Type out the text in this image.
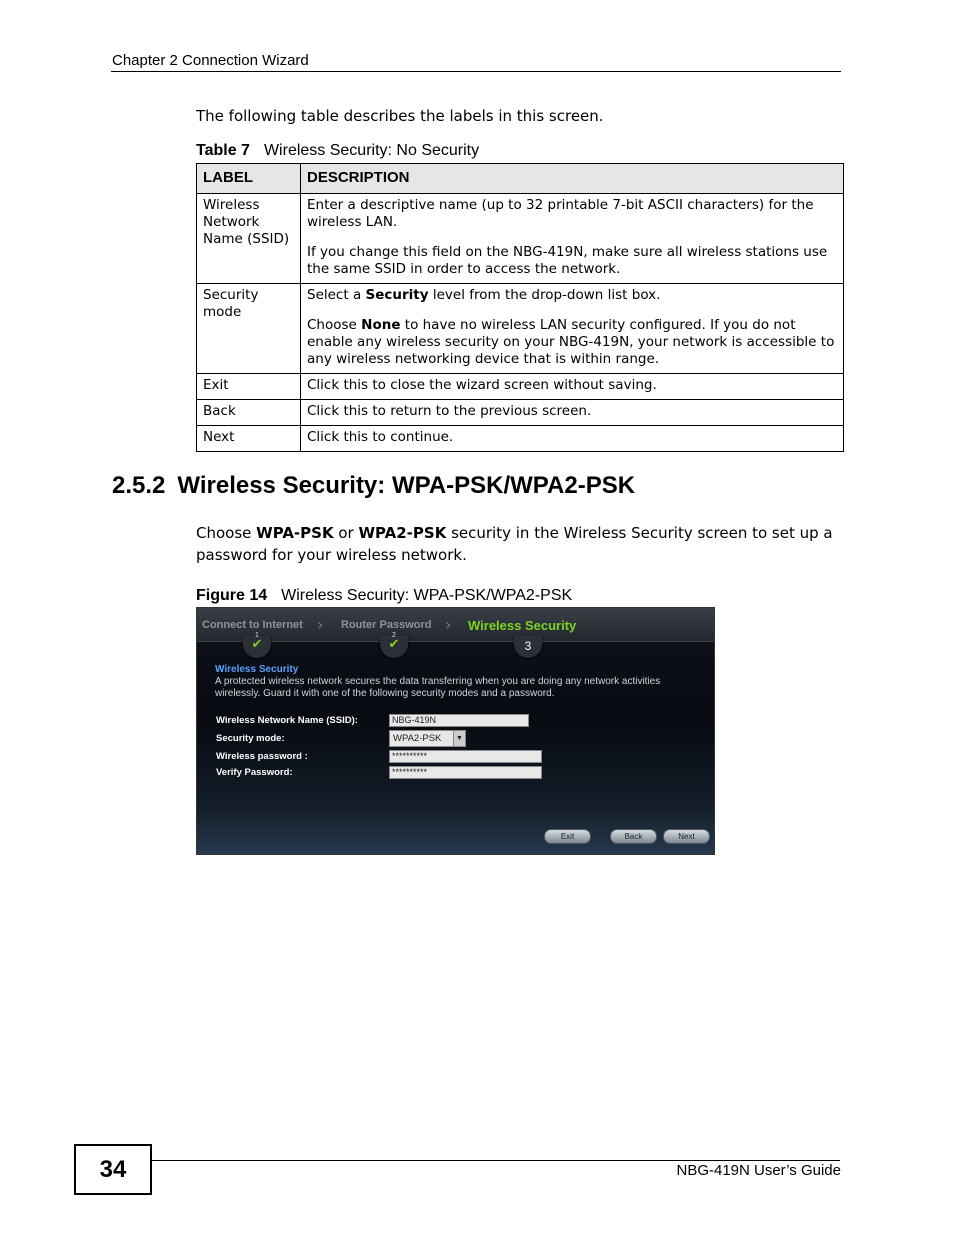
Chapter 2 Connection Wizard
The following table describes the labels in this screen.
Table 7 Wireless Security: No Security
LABEL	DESCRIPTION
Wireless Network Name (SSID)	Enter a descriptive name (up to 32 printable 7-bit ASCII characters) for the wireless LAN.

If you change this field on the NBG-419N, make sure all wireless stations use the same SSID in order to access the network.

Security mode	Select a Security level from the drop-down list box.

Choose None to have no wireless LAN security configured. If you do not enable any wireless security on your NBG-419N, your network is accessible to any wireless networking device that is within range.

Exit	Click this to close the wizard screen without saving.
Back	Click this to return to the previous screen.
Next	Click this to continue.
2.5.2 Wireless Security: WPA-PSK/WPA2-PSK
Choose WPA-PSK or WPA2-PSK security in the Wireless Security screen to set up a password for your wireless network.
Figure 14 Wireless Security: WPA-PSK/WPA2-PSK
Connect to Internet › Router Password › Wireless Security
1
✔
2
✔	3
Wireless Security
A protected wireless network secures the data transferring when you are doing any network activities wirelessly. Guard it with one of the following security modes and a password.
Wireless Network Name (SSID):	NBG-419N
Security mode:	WPA2-PSK	▼
Wireless password :	**********
Verify Password:	**********
Exit	Back	Next
34	NBG-419N User’s Guide
